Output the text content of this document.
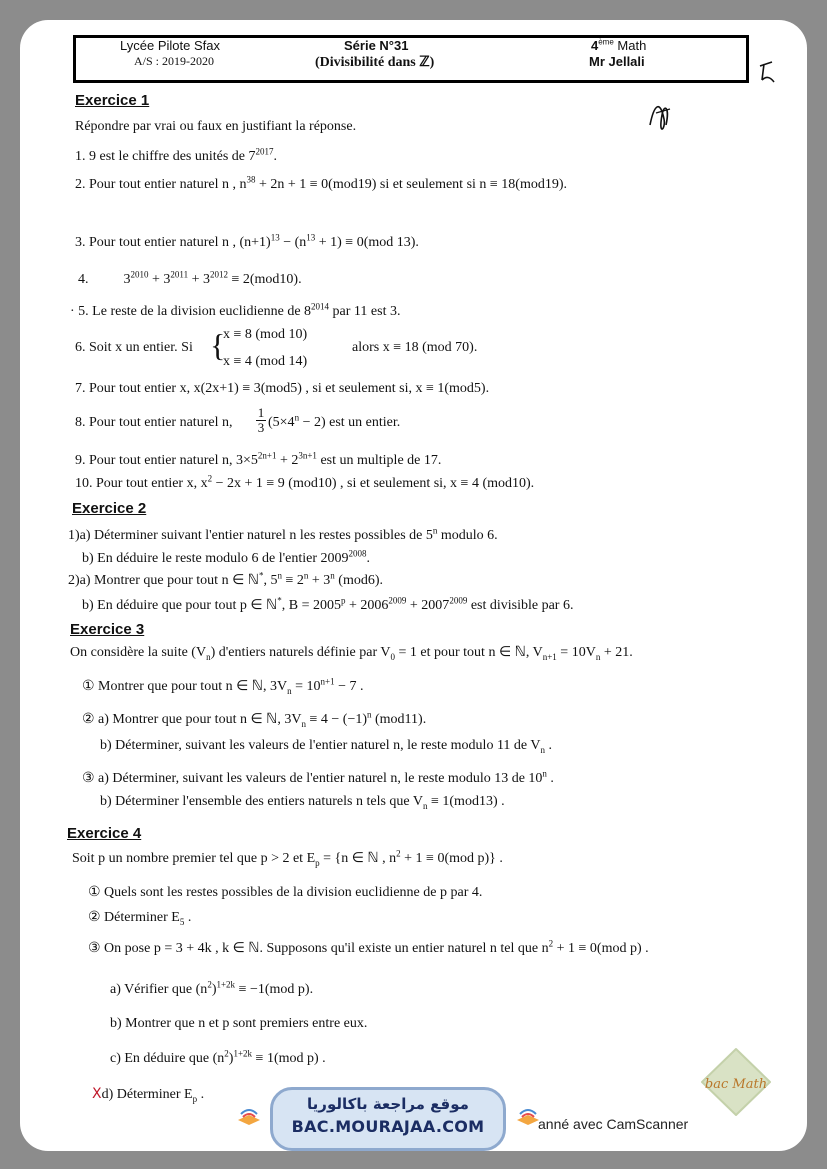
Lycée Pilote Sfax
A/S : 2019-2020
Série N°31
(Divisibilité dans ℤ)
4ème Math
Mr Jellali
Exercice 1
Répondre par vrai ou faux en justifiant la réponse.
1. 9 est le chiffre des unités de $7^{2017}$.
2. Pour tout entier naturel n , $n^{38} + 2n + 1 \equiv 0(mod19)$ si et seulement si n ≡ 18(mod19).
3. Pour tout entier naturel n , $(n+1)^{13} - (n^{13} + 1) \equiv 0(mod$ 13).
4.	$3^{2010} + 3^{2011} + 3^{2012} \equiv 2(mod10)$.
· 5. Le reste de la division euclidienne de $8^{2014}$ par 11 est 3.
6. Soit x un entier. Si {
x ≡ 8 (mod 10)
x ≡ 4 (mod 14)
alors x ≡ 18 (mod 70).
7. Pour tout entier x, x(2x+1) ≡ 3(mod5) , si et seulement si, x ≡ 1(mod5).
8. Pour tout entier naturel n, $\frac{1}{3} (5\times 4^n - 2)$ est un entier.
9. Pour tout entier naturel n, $3\times 5^{2n+1} + 2^{3n+1}$ est un multiple de 17.
10. Pour tout entier x, $x^2 - 2x + 1 \equiv 9$ (mod10) , si et seulement si, x ≡ 4 (mod10).
Exercice 2
1)a) Déterminer suivant l'entier naturel n les restes possibles de 5$^n$ modulo 6.
b) En déduire le reste modulo 6 de l'entier $2009^{2008}$.
2)a) Montrer que pour tout n ∈ ℕ*, $5^n \equiv 2^n + 3^n$ (mod6).
b) En déduire que pour tout p ∈ ℕ*, $B = 2005^p + 2006^{2009} + 2007^{2009}$ est divisible par 6.
Exercice 3
On considère la suite $(V_n)$ d'entiers naturels définie par $V_0 = 1$ et pour tout n ∈ ℕ, $V_{n+1} = 10V_n + 21$.
① Montrer que pour tout n ∈ ℕ, $3V_n = 10^{n+1} - 7$ .
② a) Montrer que pour tout n ∈ ℕ, $3V_n \equiv 4 - (-1)^n$ (mod11).
b) Déterminer, suivant les valeurs de l'entier naturel n, le reste modulo 11 de $V_n$ .
③ a) Déterminer, suivant les valeurs de l'entier naturel n, le reste modulo 13 de 10$^n$ .
b) Déterminer l'ensemble des entiers naturels n tels que $V_n \equiv 1(mod13)$ .
Exercice 4
Soit p un nombre premier tel que p > 2 et $E_p = \{n$ ∈ ℕ , $n^2 + 1 \equiv 0(mod$ p)} .
① Quels sont les restes possibles de la division euclidienne de p par 4.
② Déterminer $E_5$ .
③ On pose p = 3 + 4k , k ∈ ℕ. Supposons qu'il existe un entier naturel n tel que $n^2 + 1 \equiv 0(mod$ p) .
a) Vérifier que $(n^2)^{1+2k} \equiv -1(mod$ p).
b) Montrer que n et p sont premiers entre eux.
c) En déduire que $(n^2)^{1+2k} \equiv 1(mod$ p) .
Xd) Déterminer $E_p$ .
anné avec CamScanner
موقع مراجعة باكالوريا
BAC.MOURAJAA.COM
bac Math
